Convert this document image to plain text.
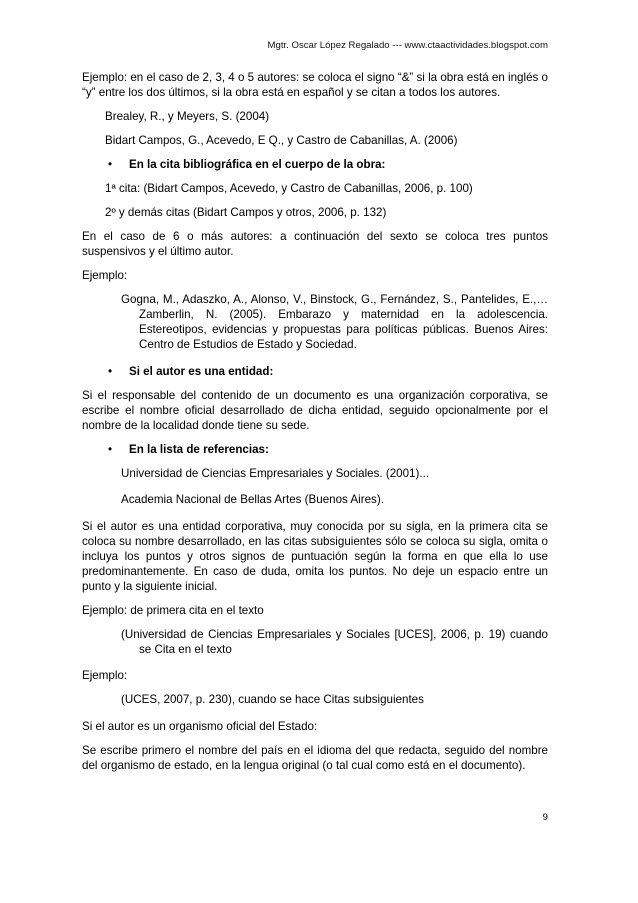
Mgtr. Oscar López Regalado --- www.ctaactividades.blogspot.com

Ejemplo: en el caso de 2, 3, 4 o 5 autores: se coloca el signo “&” si la obra está en inglés o “y” entre los dos últimos, si la obra está en español y se citan a todos los autores.

Brealey, R., y Meyers, S. (2004)

Bidart Campos, G., Acevedo, E Q., y Castro de Cabanillas, A. (2006)

• En la cita bibliográfica en el cuerpo de la obra:

1ª cita: (Bidart Campos, Acevedo, y Castro de Cabanillas, 2006, p. 100)

2º y demás citas (Bidart Campos y otros, 2006, p. 132)

En el caso de 6 o más autores: a continuación del sexto se coloca tres puntos suspensivos y el último autor.

Ejemplo:

Gogna, M., Adaszko, A., Alonso, V., Binstock, G., Fernández, S., Pantelides, E.,… Zamberlin, N. (2005). Embarazo y maternidad en la adolescencia. Estereotipos, evidencias y propuestas para políticas públicas. Buenos Aires: Centro de Estudios de Estado y Sociedad.

• Si el autor es una entidad:

Si el responsable del contenido de un documento es una organización corporativa, se escribe el nombre oficial desarrollado de dicha entidad, seguido opcionalmente por el nombre de la localidad donde tiene su sede.

• En la lista de referencias:

Universidad de Ciencias Empresariales y Sociales. (2001)...

Academia Nacional de Bellas Artes (Buenos Aires).

Si el autor es una entidad corporativa, muy conocida por su sigla, en la primera cita se coloca su nombre desarrollado, en las citas subsiguientes sólo se coloca su sigla, omita o incluya los puntos y otros signos de puntuación según la forma en que ella lo use predominantemente. En caso de duda, omita los puntos. No deje un espacio entre un punto y la siguiente inicial.

Ejemplo: de primera cita en el texto

(Universidad de Ciencias Empresariales y Sociales [UCES], 2006, p. 19) cuando se Cita en el texto

Ejemplo:

(UCES, 2007, p. 230), cuando se hace Citas subsiguientes

Si el autor es un organismo oficial del Estado:

Se escribe primero el nombre del país en el idioma del que redacta, seguido del nombre del organismo de estado, en la lengua original (o tal cual como está en el documento).

9
